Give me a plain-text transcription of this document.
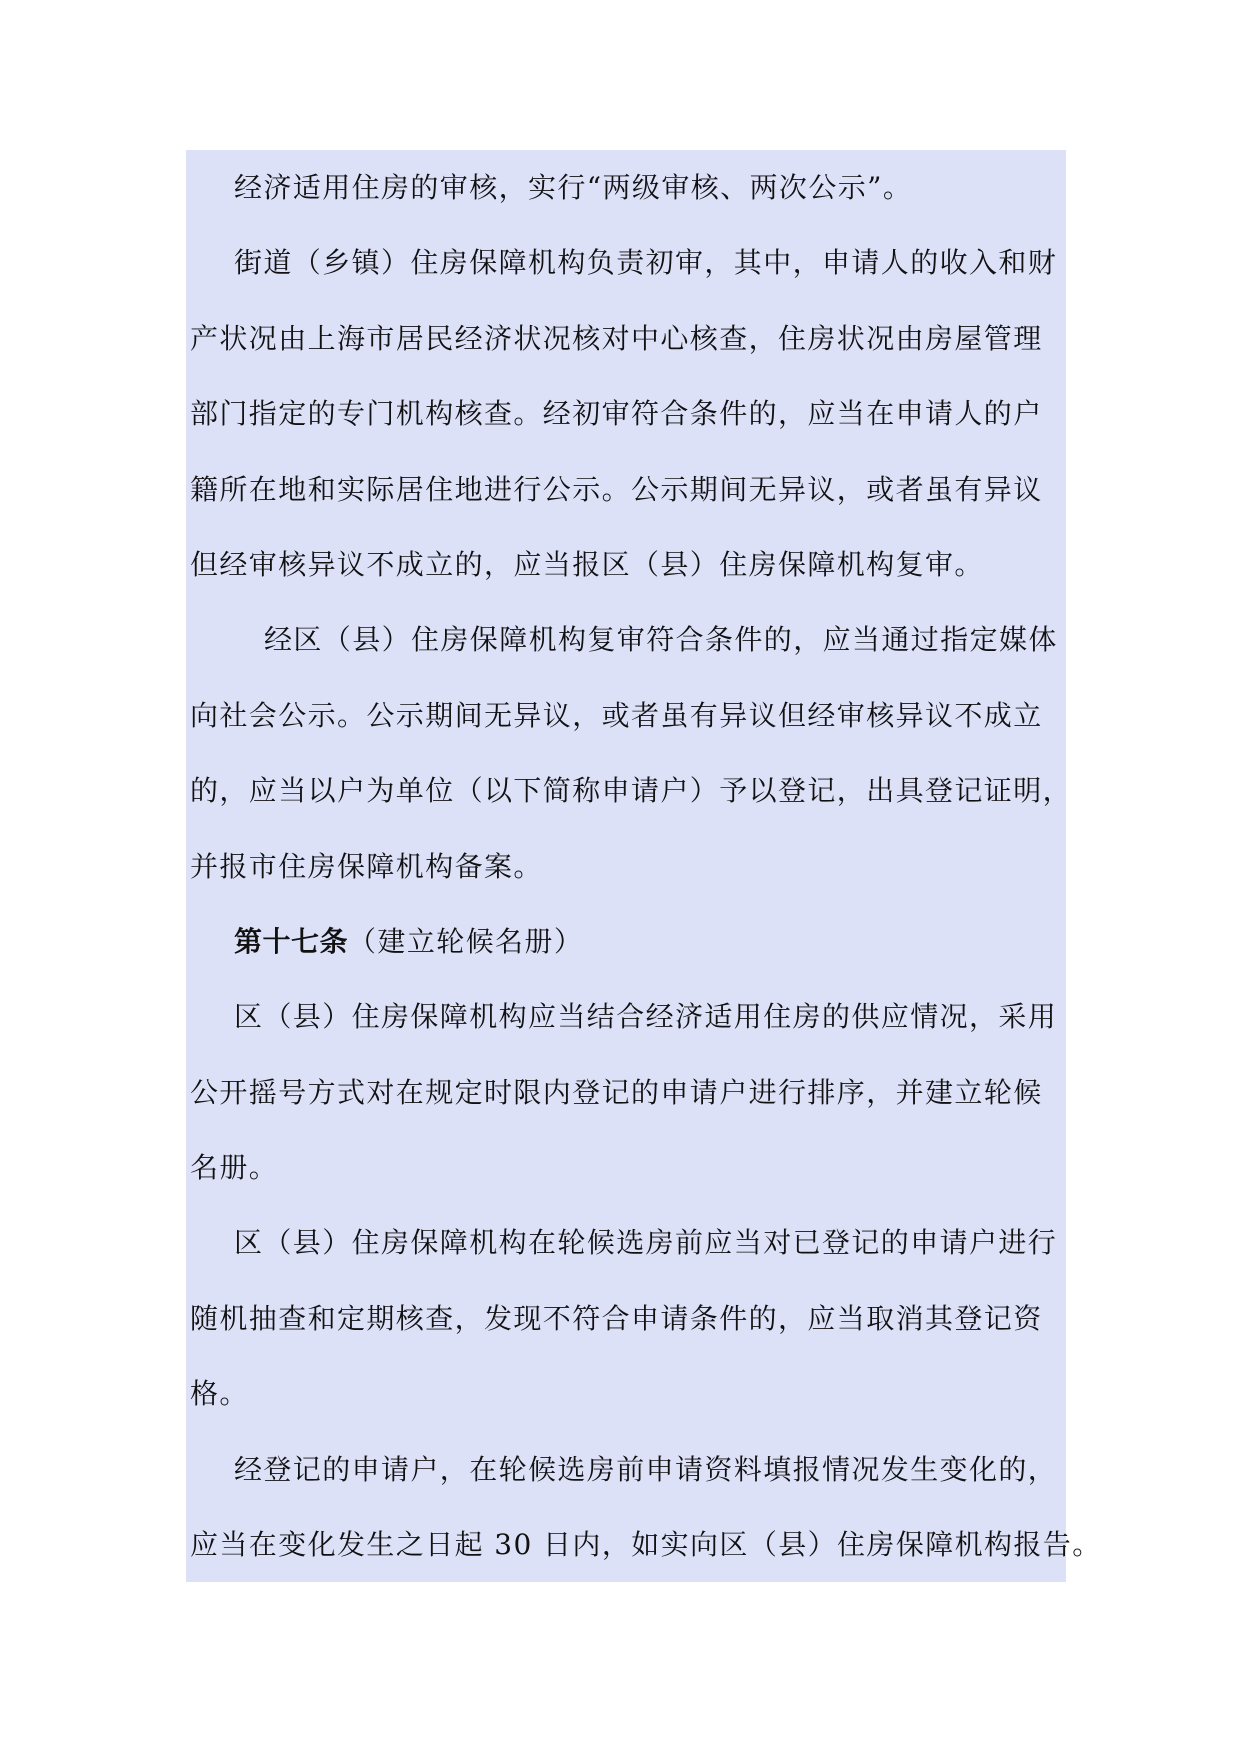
经济适用住房的审核，实行“两级审核、两次公示”。
街道（乡镇）住房保障机构负责初审，其中，申请人的收入和财
产状况由上海市居民经济状况核对中心核查，住房状况由房屋管理
部门指定的专门机构核查。经初审符合条件的，应当在申请人的户
籍所在地和实际居住地进行公示。公示期间无异议，或者虽有异议
但经审核异议不成立的，应当报区（县）住房保障机构复审。
经区（县）住房保障机构复审符合条件的，应当通过指定媒体
向社会公示。公示期间无异议，或者虽有异议但经审核异议不成立
的，应当以户为单位（以下简称申请户）予以登记，出具登记证明，
并报市住房保障机构备案。
第十七条（建立轮候名册）
区（县）住房保障机构应当结合经济适用住房的供应情况，采用
公开摇号方式对在规定时限内登记的申请户进行排序，并建立轮候
名册。
区（县）住房保障机构在轮候选房前应当对已登记的申请户进行
随机抽查和定期核查，发现不符合申请条件的，应当取消其登记资
格。
经登记的申请户，在轮候选房前申请资料填报情况发生变化的，
应当在变化发生之日起 30 日内，如实向区（县）住房保障机构报告。
